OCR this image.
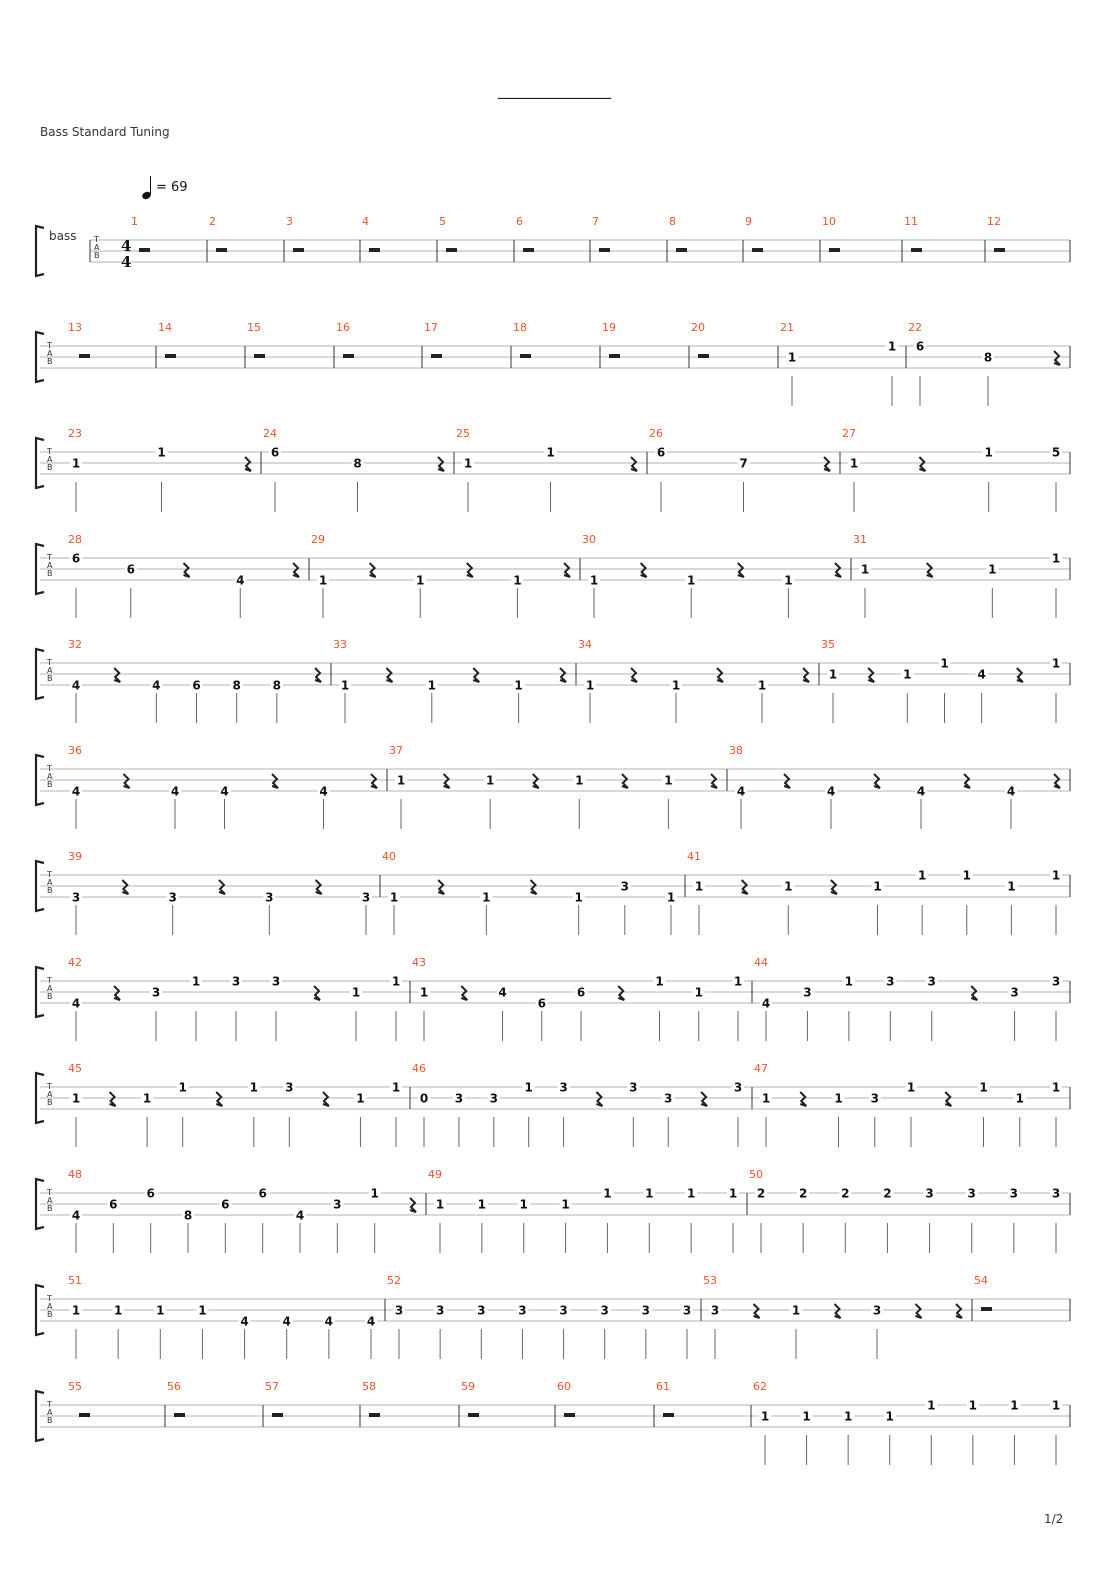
________________
Bass Standard Tuning
= 69
bass T
A
B
4
4
1	2	3	4	5	6	7	8	9	10	11	12
T
A
B
13	14	15	16	17	18	19	20	21
1
1
22
6
8
T
A
B
23
1
1
24
6
8
25
1
1
26
6
7
27
1
1	5
T
A
B
28
6
6
4
29
1	1	1
30
1	1	1
31
1	1
1
T
A
B
32
4	4	6	8	8
33
1	1	1
34
1	1	1
35
1	1
1
4
1
T
A
B
36
4	4	4	4
37
1	1	1	1
38
4	4	4	4
T
A
B
39
3	3	3	3
40
1	1	1
3
1
41
1	1	1
1	1
1
1
T
A
B
42
4
3
1	3	3
1
1
43
1	4
6
6
1
1
1
44
4
3
1	3	3
3
3
T
A
B
45
1	1
1	1 3
1
1
46
0 3 3
1 3	3
3
3
47
1	1 3
1	1
1
1
T
A
B
48
4
6
6
8
6
6
4
3
1
49
1	1	1	1
1	1	1	1
50
2	2	2	2	3	3	3	3
T
A
B
51
1	1	1	1
4	4	4	4
52
3	3	3	3	3	3	3	3
53
3	1	3
54
T
A
B
55	56	57	58	59	60	61	62
1	1	1	1
1	1	1	1
1/2
